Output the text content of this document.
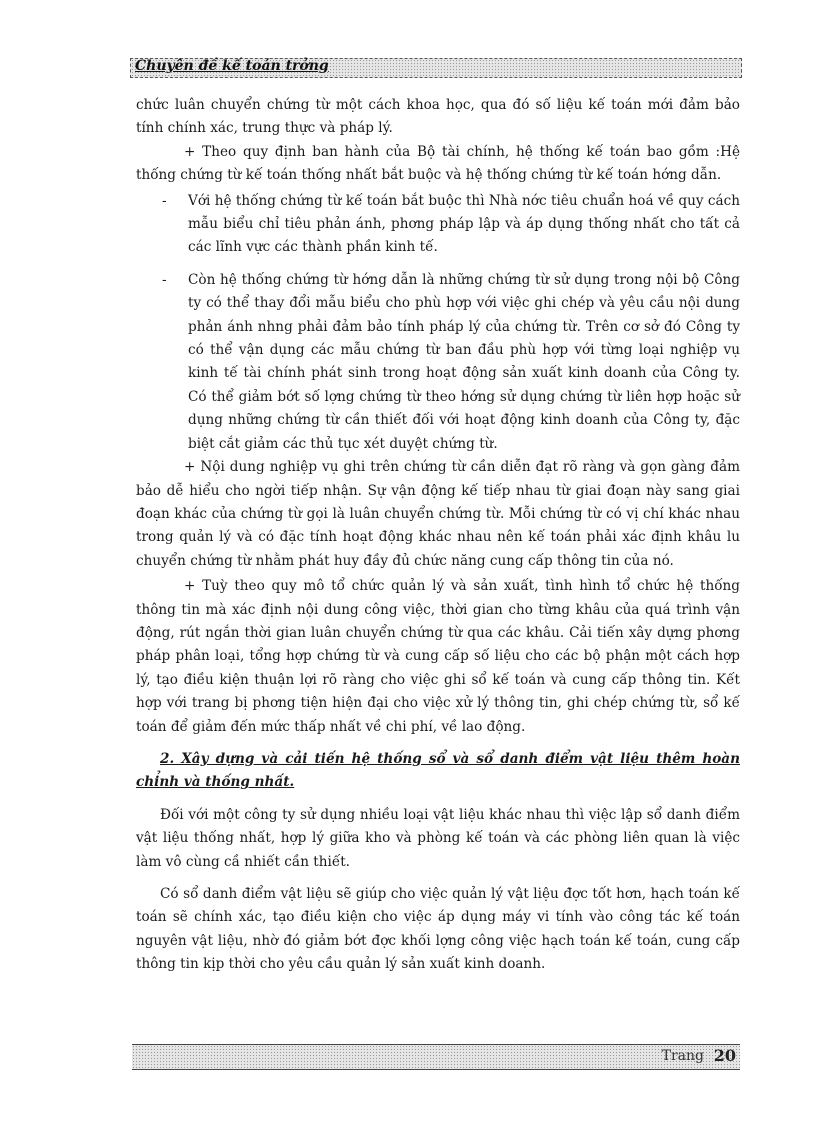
Chuyên đề kế toán trởng

chức luân chuyển chứng từ một cách khoa học, qua đó số liệu kế toán mới đảm bảo tính chính xác, trung thực và pháp lý.

+ Theo quy định ban hành của Bộ tài chính, hệ thống kế toán bao gồm :Hệ thống chứng từ kế toán thống nhất bắt buộc và hệ thống chứng từ kế toán hớng dẫn.

- Với hệ thống chứng từ kế toán bắt buộc thì Nhà nớc tiêu chuẩn hoá về quy cách mẫu biểu chỉ tiêu phản ánh, phơng pháp lập và áp dụng thống nhất cho tất cả các lĩnh vực các thành phần kinh tế.
- Còn hệ thống chứng từ hớng dẫn là những chứng từ sử dụng trong nội bộ Công ty có thể thay đổi mẫu biểu cho phù hợp với việc ghi chép và yêu cầu nội dung phản ánh nhng phải đảm bảo tính pháp lý của chứng từ. Trên cơ sở đó Công ty có thể vận dụng các mẫu chứng từ ban đầu phù hợp với từng loại nghiệp vụ kinh tế tài chính phát sinh trong hoạt động sản xuất kinh doanh của Công ty. Có thể giảm bớt số lợng chứng từ theo hớng sử dụng chứng từ liên hợp hoặc sử dụng những chứng từ cần thiết đối với hoạt động kinh doanh của Công ty, đặc biệt cắt giảm các thủ tục xét duyệt chứng từ.

+ Nội dung nghiệp vụ ghi trên chứng từ cần diễn đạt rõ ràng và gọn gàng đảm bảo dễ hiểu cho ngời tiếp nhận. Sự vận động kế tiếp nhau từ giai đoạn này sang giai đoạn khác của chứng từ gọi là luân chuyển chứng từ. Mỗi chứng từ có vị chí khác nhau trong quản lý và có đặc tính hoạt động khác nhau nên kế toán phải xác định khâu lu chuyển chứng từ nhằm phát huy đầy đủ chức năng cung cấp thông tin của nó.

+ Tuỳ theo quy mô tổ chức quản lý và sản xuất, tình hình tổ chức hệ thống thông tin mà xác định nội dung công việc, thời gian cho từng khâu của quá trình vận động, rút ngắn thời gian luân chuyển chứng từ qua các khâu. Cải tiến xây dựng phơng pháp phân loại, tổng hợp chứng từ và cung cấp số liệu cho các bộ phận một cách hợp lý, tạo điều kiện thuận lợi rõ ràng cho việc ghi sổ kế toán và cung cấp thông tin. Kết hợp với trang bị phơng tiện hiện đại cho việc xử lý thông tin, ghi chép chứng từ, sổ kế toán để giảm đến mức thấp nhất về chi phí, về lao động.

2. Xây dựng và cải tiến hệ thống sổ và sổ danh điểm vật liệu thêm hoàn chỉnh và thống nhất.

Đối với một công ty sử dụng nhiều loại vật liệu khác nhau thì việc lập sổ danh điểm vật liệu thống nhất, hợp lý giữa kho và phòng kế toán và các phòng liên quan là việc làm vô cùng cầ nhiết cần thiết.

Có sổ danh điểm vật liệu sẽ giúp cho việc quản lý vật liệu đợc tốt hơn, hạch toán kế toán sẽ chính xác, tạo điều kiện cho việc áp dụng máy vi tính vào công tác kế toán nguyên vật liệu, nhờ đó giảm bớt đợc khối lợng công việc hạch toán kế toán, cung cấp thông tin kịp thời cho yêu cầu quản lý sản xuất kinh doanh.

Trang 20
